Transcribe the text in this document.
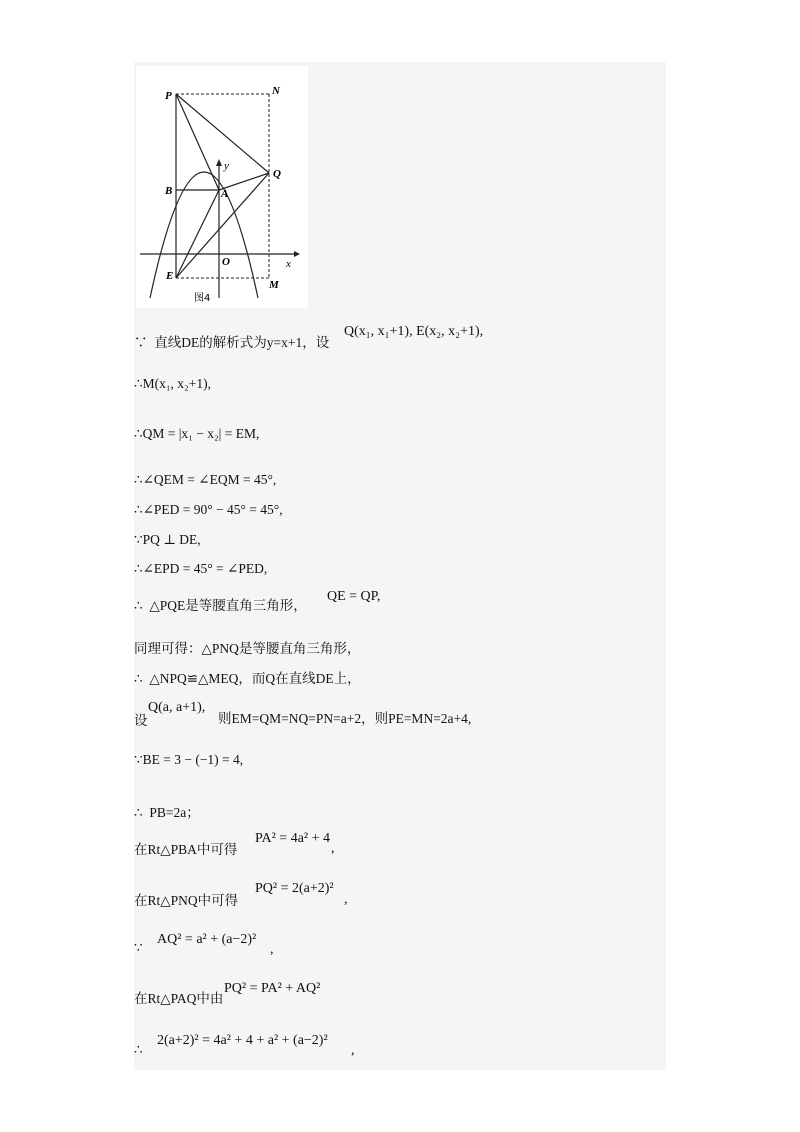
P	N
Q
B	A
y
E
O	x
M
图4
∵ 直线DE的解析式为y=x+1，设
Q(x₁, x₁+1), E(x₂, x₂+1),
∴M(x₁, x₂+1),
∴QM = |x₁ − x₂| = EM,
∴∠QEM = ∠EQM = 45°,
∴∠PED = 90° − 45° = 45°,
∵PQ ⊥ DE,
∴∠EPD = 45° = ∠PED,
∴ △PQE是等腰直角三角形，
QE = QP,
同理可得：△PNQ是等腰直角三角形，
∴ △NPQ≌△MEQ，而Q在直线DE上，
设
Q(a, a+1),
则EM=QM=NQ=PN=a+2，则PE=MN=2a+4,
∵BE = 3 − (−1) = 4,
∴ PB=2a；
在Rt△PBA中可得
PA² = 4a² + 4
,
在Rt△PNQ中可得
PQ² = 2(a+2)²
,
∵
AQ² = a² + (a−2)²
,
在Rt△PAQ中由
PQ² = PA² + AQ²
∴
2(a+2)² = 4a² + 4 + a² + (a−2)²
,
